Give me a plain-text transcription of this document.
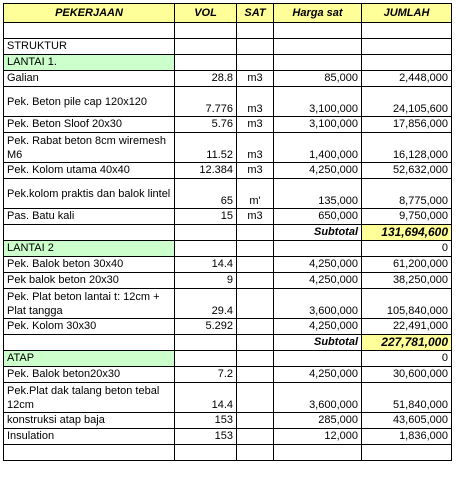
PEKERJAAN	VOL	SAT	Harga sat	JUMLAH

STRUKTUR				
LANTAI 1.				
Galian	28.8	m3	85,000	2,448,000
Pek. Beton pile cap 120x120	7.776	m3	3,100,000	24,105,600
Pek. Beton Sloof 20x30	5.76	m3	3,100,000	17,856,000
Pek. Rabat beton 8cm wiremesh M6	11.52	m3	1,400,000	16,128,000
Pek. Kolom utama 40x40	12.384	m3	4,250,000	52,632,000
Pek.kolom praktis dan balok lintel	65	m'	135,000	8,775,000
Pas. Batu kali	15	m3	650,000	9,750,000
			Subtotal	131,694,600
LANTAI 2				0
Pek. Balok beton 30x40	14.4		4,250,000	61,200,000
Pek balok beton 20x30	9		4,250,000	38,250,000
Pek. Plat beton lantai t: 12cm + Plat tangga	29.4		3,600,000	105,840,000
Pek. Kolom 30x30	5.292		4,250,000	22,491,000
			Subtotal	227,781,000
ATAP				0
Pek. Balok beton20x30	7.2		4,250,000	30,600,000
Pek.Plat dak talang beton tebal 12cm	14.4		3,600,000	51,840,000
konstruksi atap baja	153		285,000	43,605,000
Insulation	153		12,000	1,836,000
